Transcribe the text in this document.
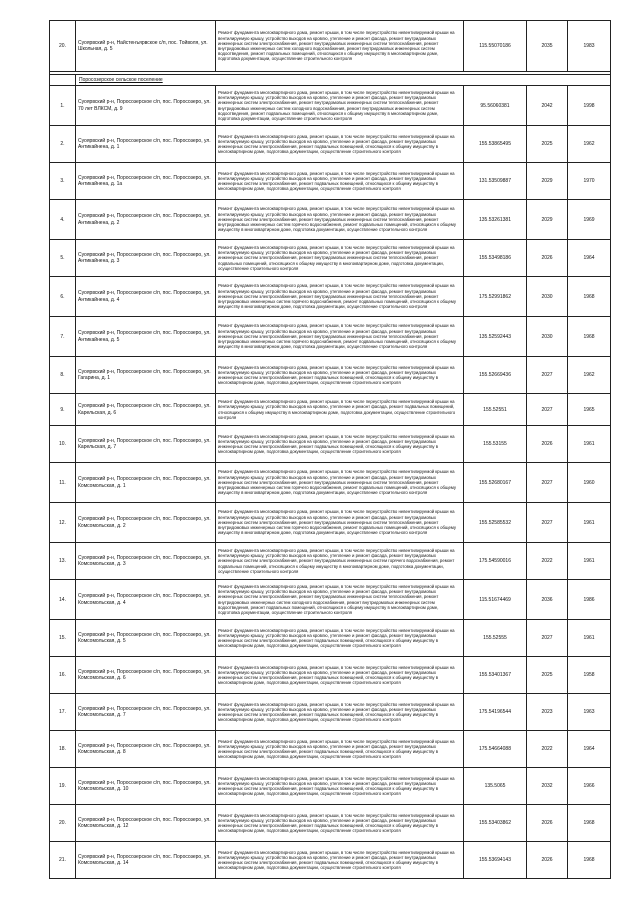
20.	Суоярвский р-н, Найстенъярвское с/п, пос. Тойволя, ул. Школьная, д. 5	Ремонт фундамента многоквартирного дома, ремонт крыши, в том числе переустройство невентилируемой крыши на вентилируемую крышу, устройство выходов на кровлю, утепление и ремонт фасада, ремонт внутридомовых инженерных систем электроснабжения, ремонт внутридомовых инженерных систем теплоснабжения, ремонт внутридомовых инженерных систем холодного водоснабжения, ремонт внутридомовых инженерных систем водоотведения, ремонт подвальных помещений, относящихся к общему имуществу в многоквартирном доме, подготовка документации, осуществление строительного контроля	115.55070186	2035	1983

	Поросозерское сельское поселение				
1.	Суоярвский р-н, Поросозерское с/п, пос. Поросозеро, ул. 70 лет ВЛКСМ, д. 9	Ремонт фундамента многоквартирного дома, ремонт крыши, в том числе переустройство невентилируемой крыши на вентилируемую крышу, устройство выходов на кровлю, утепление и ремонт фасада, ремонт внутридомовых инженерных систем электроснабжения, ремонт внутридомовых инженерных систем теплоснабжения, ремонт внутридомовых инженерных систем холодного водоснабжения, ремонт внутридомовых инженерных систем водоотведения, ремонт подвальных помещений, относящихся к общему имуществу в многоквартирном доме, подготовка документации, осуществление строительного контроля	95.56060381	2042	1998
2.	Суоярвский р-н, Поросозерское с/п, пос. Поросозеро, ул. Антикайнена, д. 1	Ремонт фундамента многоквартирного дома, ремонт крыши, в том числе переустройство невентилируемой крыши на вентилируемую крышу, устройство выходов на кровлю, утепление и ремонт фасада, ремонт внутридомовых инженерных систем электроснабжения, ремонт подвальных помещений, относящихся к общему имуществу в многоквартирном доме, подготовка документации, осуществление строительного контроля	155.53865495	2025	1962
3.	Суоярвский р-н, Поросозерское с/п, пос. Поросозеро, ул. Антикайнена, д. 1а	Ремонт фундамента многоквартирного дома, ремонт крыши, в том числе переустройство невентилируемой крыши на вентилируемую крышу, устройство выходов на кровлю, утепление и ремонт фасада, ремонт внутридомовых инженерных систем электроснабжения, ремонт подвальных помещений, относящихся к общему имуществу в многоквартирном доме, подготовка документации, осуществление строительного контроля	131.53509887	2029	1970
4.	Суоярвский р-н, Поросозерское с/п, пос. Поросозеро, ул. Антикайнена, д. 2	Ремонт фундамента многоквартирного дома, ремонт крыши, в том числе переустройство невентилируемой крыши на вентилируемую крышу, устройство выходов на кровлю, утепление и ремонт фасада, ремонт внутридомовых инженерных систем электроснабжения, ремонт внутридомовых инженерных систем теплоснабжения, ремонт внутридомовых инженерных систем горячего водоснабжения, ремонт подвальных помещений, относящихся к общему имуществу в многоквартирном доме, подготовка документации, осуществление строительного контроля	135.53261381	2029	1969
5.	Суоярвский р-н, Поросозерское с/п, пос. Поросозеро, ул. Антикайнена, д. 3	Ремонт фундамента многоквартирного дома, ремонт крыши, в том числе переустройство невентилируемой крыши на вентилируемую крышу, устройство выходов на кровлю, утепление и ремонт фасада, ремонт внутридомовых инженерных систем электроснабжения, ремонт внутридомовых инженерных систем теплоснабжения, ремонт подвальных помещений, относящихся к общему имуществу в многоквартирном доме, подготовка документации, осуществление строительного контроля	155.53498186	2026	1964
6.	Суоярвский р-н, Поросозерское с/п, пос. Поросозеро, ул. Антикайнена, д. 4	Ремонт фундамента многоквартирного дома, ремонт крыши, в том числе переустройство невентилируемой крыши на вентилируемую крышу, устройство выходов на кровлю, утепление и ремонт фасада, ремонт внутридомовых инженерных систем электроснабжения, ремонт внутридомовых инженерных систем теплоснабжения, ремонт внутридомовых инженерных систем горячего водоснабжения, ремонт подвальных помещений, относящихся к общему имуществу в многоквартирном доме, подготовка документации, осуществление строительного контроля	175.52991862	2030	1968
7.	Суоярвский р-н, Поросозерское с/п, пос. Поросозеро, ул. Антикайнена, д. 5	Ремонт фундамента многоквартирного дома, ремонт крыши, в том числе переустройство невентилируемой крыши на вентилируемую крышу, устройство выходов на кровлю, утепление и ремонт фасада, ремонт внутридомовых инженерных систем электроснабжения, ремонт внутридомовых инженерных систем теплоснабжения, ремонт внутридомовых инженерных систем горячего водоснабжения, ремонт подвальных помещений, относящихся к общему имуществу в многоквартирном доме, подготовка документации, осуществление строительного контроля	135.52592443	2030	1968
8.	Суоярвский р-н, Поросозерское с/п, пос. Поросозеро, ул. Гагарина, д. 1	Ремонт фундамента многоквартирного дома, ремонт крыши, в том числе переустройство невентилируемой крыши на вентилируемую крышу, устройство выходов на кровлю, утепление и ремонт фасада, ремонт внутридомовых инженерных систем электроснабжения, ремонт подвальных помещений, относящихся к общему имуществу в многоквартирном доме, подготовка документации, осуществление строительного контроля	155.52669436	2027	1962
9.	Суоярвский р-н, Поросозерское с/п, пос. Поросозеро, ул. Карельская, д. 6	Ремонт фундамента многоквартирного дома, ремонт крыши, в том числе переустройство невентилируемой крыши на вентилируемую крышу, устройство выходов на кровлю, утепление и ремонт фасада, ремонт подвальных помещений, относящихся к общему имуществу в многоквартирном доме, подготовка документации, осуществление строительного контроля	155.52551	2027	1965
10.	Суоярвский р-н, Поросозерское с/п, пос. Поросозеро, ул. Карельская, д. 7	Ремонт фундамента многоквартирного дома, ремонт крыши, в том числе переустройство невентилируемой крыши на вентилируемую крышу, устройство выходов на кровлю, утепление и ремонт фасада, ремонт внутридомовых инженерных систем электроснабжения, ремонт подвальных помещений, относящихся к общему имуществу в многоквартирном доме, подготовка документации, осуществление строительного контроля	155.53155	2026	1961
11.	Суоярвский р-н, Поросозерское с/п, пос. Поросозеро, ул. Комсомольская, д. 1	Ремонт фундамента многоквартирного дома, ремонт крыши, в том числе переустройство невентилируемой крыши на вентилируемую крышу, устройство выходов на кровлю, утепление и ремонт фасада, ремонт внутридомовых инженерных систем электроснабжения, ремонт внутридомовых инженерных систем теплоснабжения, ремонт внутридомовых инженерных систем горячего водоснабжения, ремонт подвальных помещений, относящихся к общему имуществу в многоквартирном доме, подготовка документации, осуществление строительного контроля	155.52680167	2027	1960
12.	Суоярвский р-н, Поросозерское с/п, пос. Поросозеро, ул. Комсомольская, д. 2	Ремонт фундамента многоквартирного дома, ремонт крыши, в том числе переустройство невентилируемой крыши на вентилируемую крышу, устройство выходов на кровлю, утепление и ремонт фасада, ремонт внутридомовых инженерных систем электроснабжения, ремонт внутридомовых инженерных систем теплоснабжения, ремонт внутридомовых инженерных систем горячего водоснабжения, ремонт подвальных помещений, относящихся к общему имуществу в многоквартирном доме, подготовка документации, осуществление строительного контроля	155.52585532	2027	1961
13.	Суоярвский р-н, Поросозерское с/п, пос. Поросозеро, ул. Комсомольская, д. 3	Ремонт фундамента многоквартирного дома, ремонт крыши, в том числе переустройство невентилируемой крыши на вентилируемую крышу, устройство выходов на кровлю, утепление и ремонт фасада, ремонт внутридомовых инженерных систем электроснабжения, ремонт внутридомовых инженерных систем горячего водоснабжения, ремонт подвальных помещений, относящихся к общему имуществу в многоквартирном доме, подготовка документации, осуществление строительного контроля	175.54590016	2022	1961
14.	Суоярвский р-н, Поросозерское с/п, пос. Поросозеро, ул. Комсомольская, д. 4	Ремонт фундамента многоквартирного дома, ремонт крыши, в том числе переустройство невентилируемой крыши на вентилируемую крышу, устройство выходов на кровлю, утепление и ремонт фасада, ремонт внутридомовых инженерных систем электроснабжения, ремонт внутридомовых инженерных систем теплоснабжения, ремонт внутридомовых инженерных систем холодного водоснабжения, ремонт внутридомовых инженерных систем водоотведения, ремонт подвальных помещений, относящихся к общему имуществу в многоквартирном доме, подготовка документации, осуществление строительного контроля	115.51674469	2036	1986
15.	Суоярвский р-н, Поросозерское с/п, пос. Поросозеро, ул. Комсомольская, д. 5	Ремонт фундамента многоквартирного дома, ремонт крыши, в том числе переустройство невентилируемой крыши на вентилируемую крышу, устройство выходов на кровлю, утепление и ремонт фасада, ремонт внутридомовых инженерных систем электроснабжения, ремонт подвальных помещений, относящихся к общему имуществу в многоквартирном доме, подготовка документации, осуществление строительного контроля	155.52555	2027	1961
16.	Суоярвский р-н, Поросозерское с/п, пос. Поросозеро, ул. Комсомольская, д. 6	Ремонт фундамента многоквартирного дома, ремонт крыши, в том числе переустройство невентилируемой крыши на вентилируемую крышу, устройство выходов на кровлю, утепление и ремонт фасада, ремонт внутридомовых инженерных систем электроснабжения, ремонт подвальных помещений, относящихся к общему имуществу в многоквартирном доме, подготовка документации, осуществление строительного контроля	155.53401367	2025	1958
17.	Суоярвский р-н, Поросозерское с/п, пос. Поросозеро, ул. Комсомольская, д. 7	Ремонт фундамента многоквартирного дома, ремонт крыши, в том числе переустройство невентилируемой крыши на вентилируемую крышу, устройство выходов на кровлю, утепление и ремонт фасада, ремонт внутридомовых инженерных систем электроснабжения, ремонт подвальных помещений, относящихся к общему имуществу в многоквартирном доме, подготовка документации, осуществление строительного контроля	175.54196544	2023	1963
18.	Суоярвский р-н, Поросозерское с/п, пос. Поросозеро, ул. Комсомольская, д. 8	Ремонт фундамента многоквартирного дома, ремонт крыши, в том числе переустройство невентилируемой крыши на вентилируемую крышу, устройство выходов на кровлю, утепление и ремонт фасада, ремонт внутридомовых инженерных систем электроснабжения, ремонт подвальных помещений, относящихся к общему имуществу в многоквартирном доме, подготовка документации, осуществление строительного контроля	175.54664088	2022	1964
19.	Суоярвский р-н, Поросозерское с/п, пос. Поросозеро, ул. Комсомольская, д. 10	Ремонт фундамента многоквартирного дома, ремонт крыши, в том числе переустройство невентилируемой крыши на вентилируемую крышу, устройство выходов на кровлю, утепление и ремонт фасада, ремонт внутридомовых инженерных систем электроснабжения, ремонт подвальных помещений, относящихся к общему имуществу в многоквартирном доме, подготовка документации, осуществление строительного контроля	135.5065	2032	1966
20.	Суоярвский р-н, Поросозерское с/п, пос. Поросозеро, ул. Комсомольская, д. 12	Ремонт фундамента многоквартирного дома, ремонт крыши, в том числе переустройство невентилируемой крыши на вентилируемую крышу, устройство выходов на кровлю, утепление и ремонт фасада, ремонт внутридомовых инженерных систем электроснабжения, ремонт подвальных помещений, относящихся к общему имуществу в многоквартирном доме, подготовка документации, осуществление строительного контроля	155.53403862	2026	1968
21.	Суоярвский р-н, Поросозерское с/п, пос. Поросозеро, ул. Комсомольская, д. 14	Ремонт фундамента многоквартирного дома, ремонт крыши, в том числе переустройство невентилируемой крыши на вентилируемую крышу, устройство выходов на кровлю, утепление и ремонт фасада, ремонт внутридомовых инженерных систем электроснабжения, ремонт подвальных помещений, относящихся к общему имуществу в многоквартирном доме, подготовка документации, осуществление строительного контроля	155.53694143	2026	1968
